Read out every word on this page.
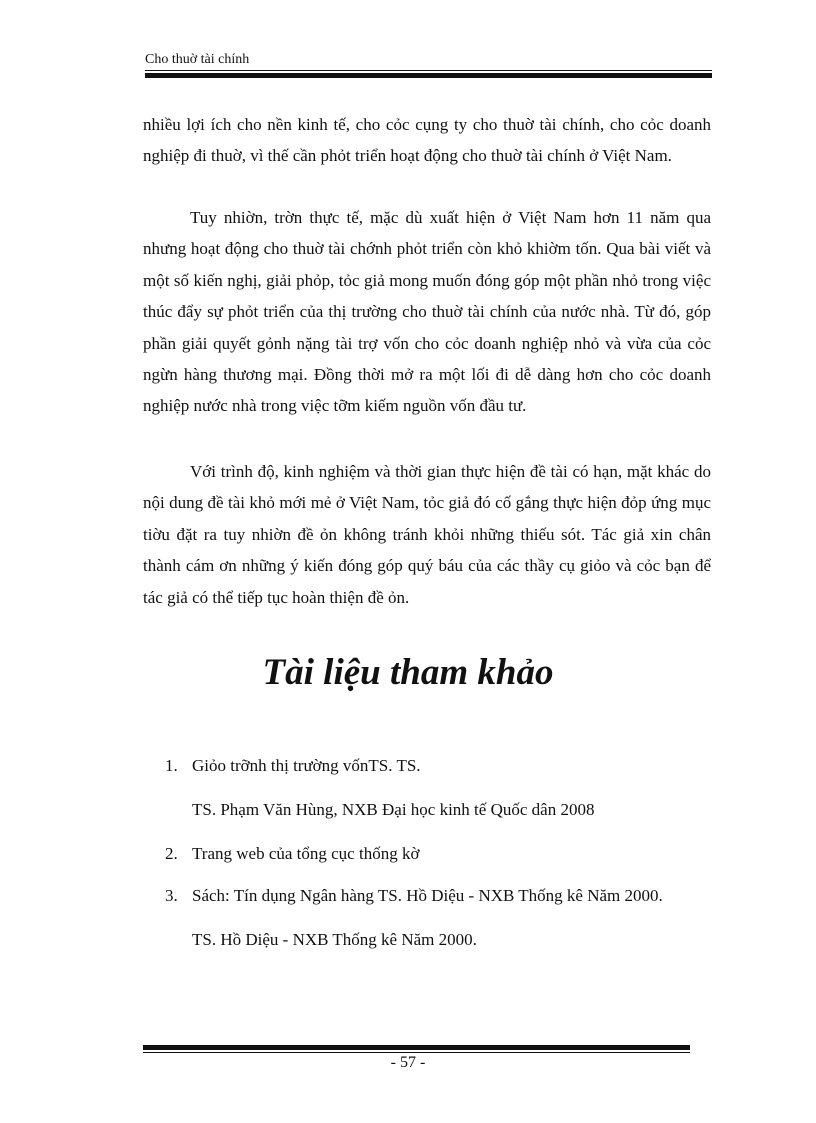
Cho thuờ tài chính
nhiều lợi ích cho nền kinh tế, cho cỏc cụng ty cho thuờ tài chính, cho cỏc doanh nghiệp đi thuờ, vì thế cần phỏt triển hoạt động cho thuờ tài chính ở Việt Nam.
Tuy nhiờn, trờn thực tế, mặc dù xuất hiện ở Việt Nam hơn 11 năm qua nhưng hoạt động cho thuờ tài chớnh phỏt triển còn khỏ khiờm tốn. Qua bài viết và một số kiến nghị, giải phỏp, tỏc giả mong muốn đóng góp một phần nhỏ trong việc thúc đẩy sự phỏt triển của thị trường cho thuờ tài chính của nước nhà. Từ đó, góp phần giải quyết gỏnh nặng tài trợ vốn cho cỏc doanh nghiệp nhỏ và vừa của cỏc ngừn hàng thương mại. Đồng thời mở ra một lối đi dễ dàng hơn cho cỏc doanh nghiệp nước nhà trong việc tỡm kiếm nguồn vốn đầu tư.
Với trình độ, kinh nghiệm và thời gian thực hiện đề tài có hạn, mặt khác do nội dung đề tài khỏ mới mẻ ở Việt Nam, tỏc giả đó cố gắng thực hiện đỏp ứng mục tiờu đặt ra tuy nhiờn đề ỏn không tránh khỏi những thiếu sót. Tác giả xin chân thành cám ơn những ý kiến đóng góp quý báu của các thầy cụ giỏo và cỏc bạn để tác giả có thể tiếp tục hoàn thiện đề ỏn.
Tài liệu tham khảo
1. Giỏo trỡnh thị trường vốnTS. TS.
TS. Phạm Văn Hùng, NXB Đại học kinh tế Quốc dân 2008
2. Trang web của tổng cục thống kờ
3. Sách: Tín dụng Ngân hàng TS. Hồ Diệu - NXB Thống kê Năm 2000.
TS. Hồ Diệu - NXB Thống kê Năm 2000.
- 57 -
